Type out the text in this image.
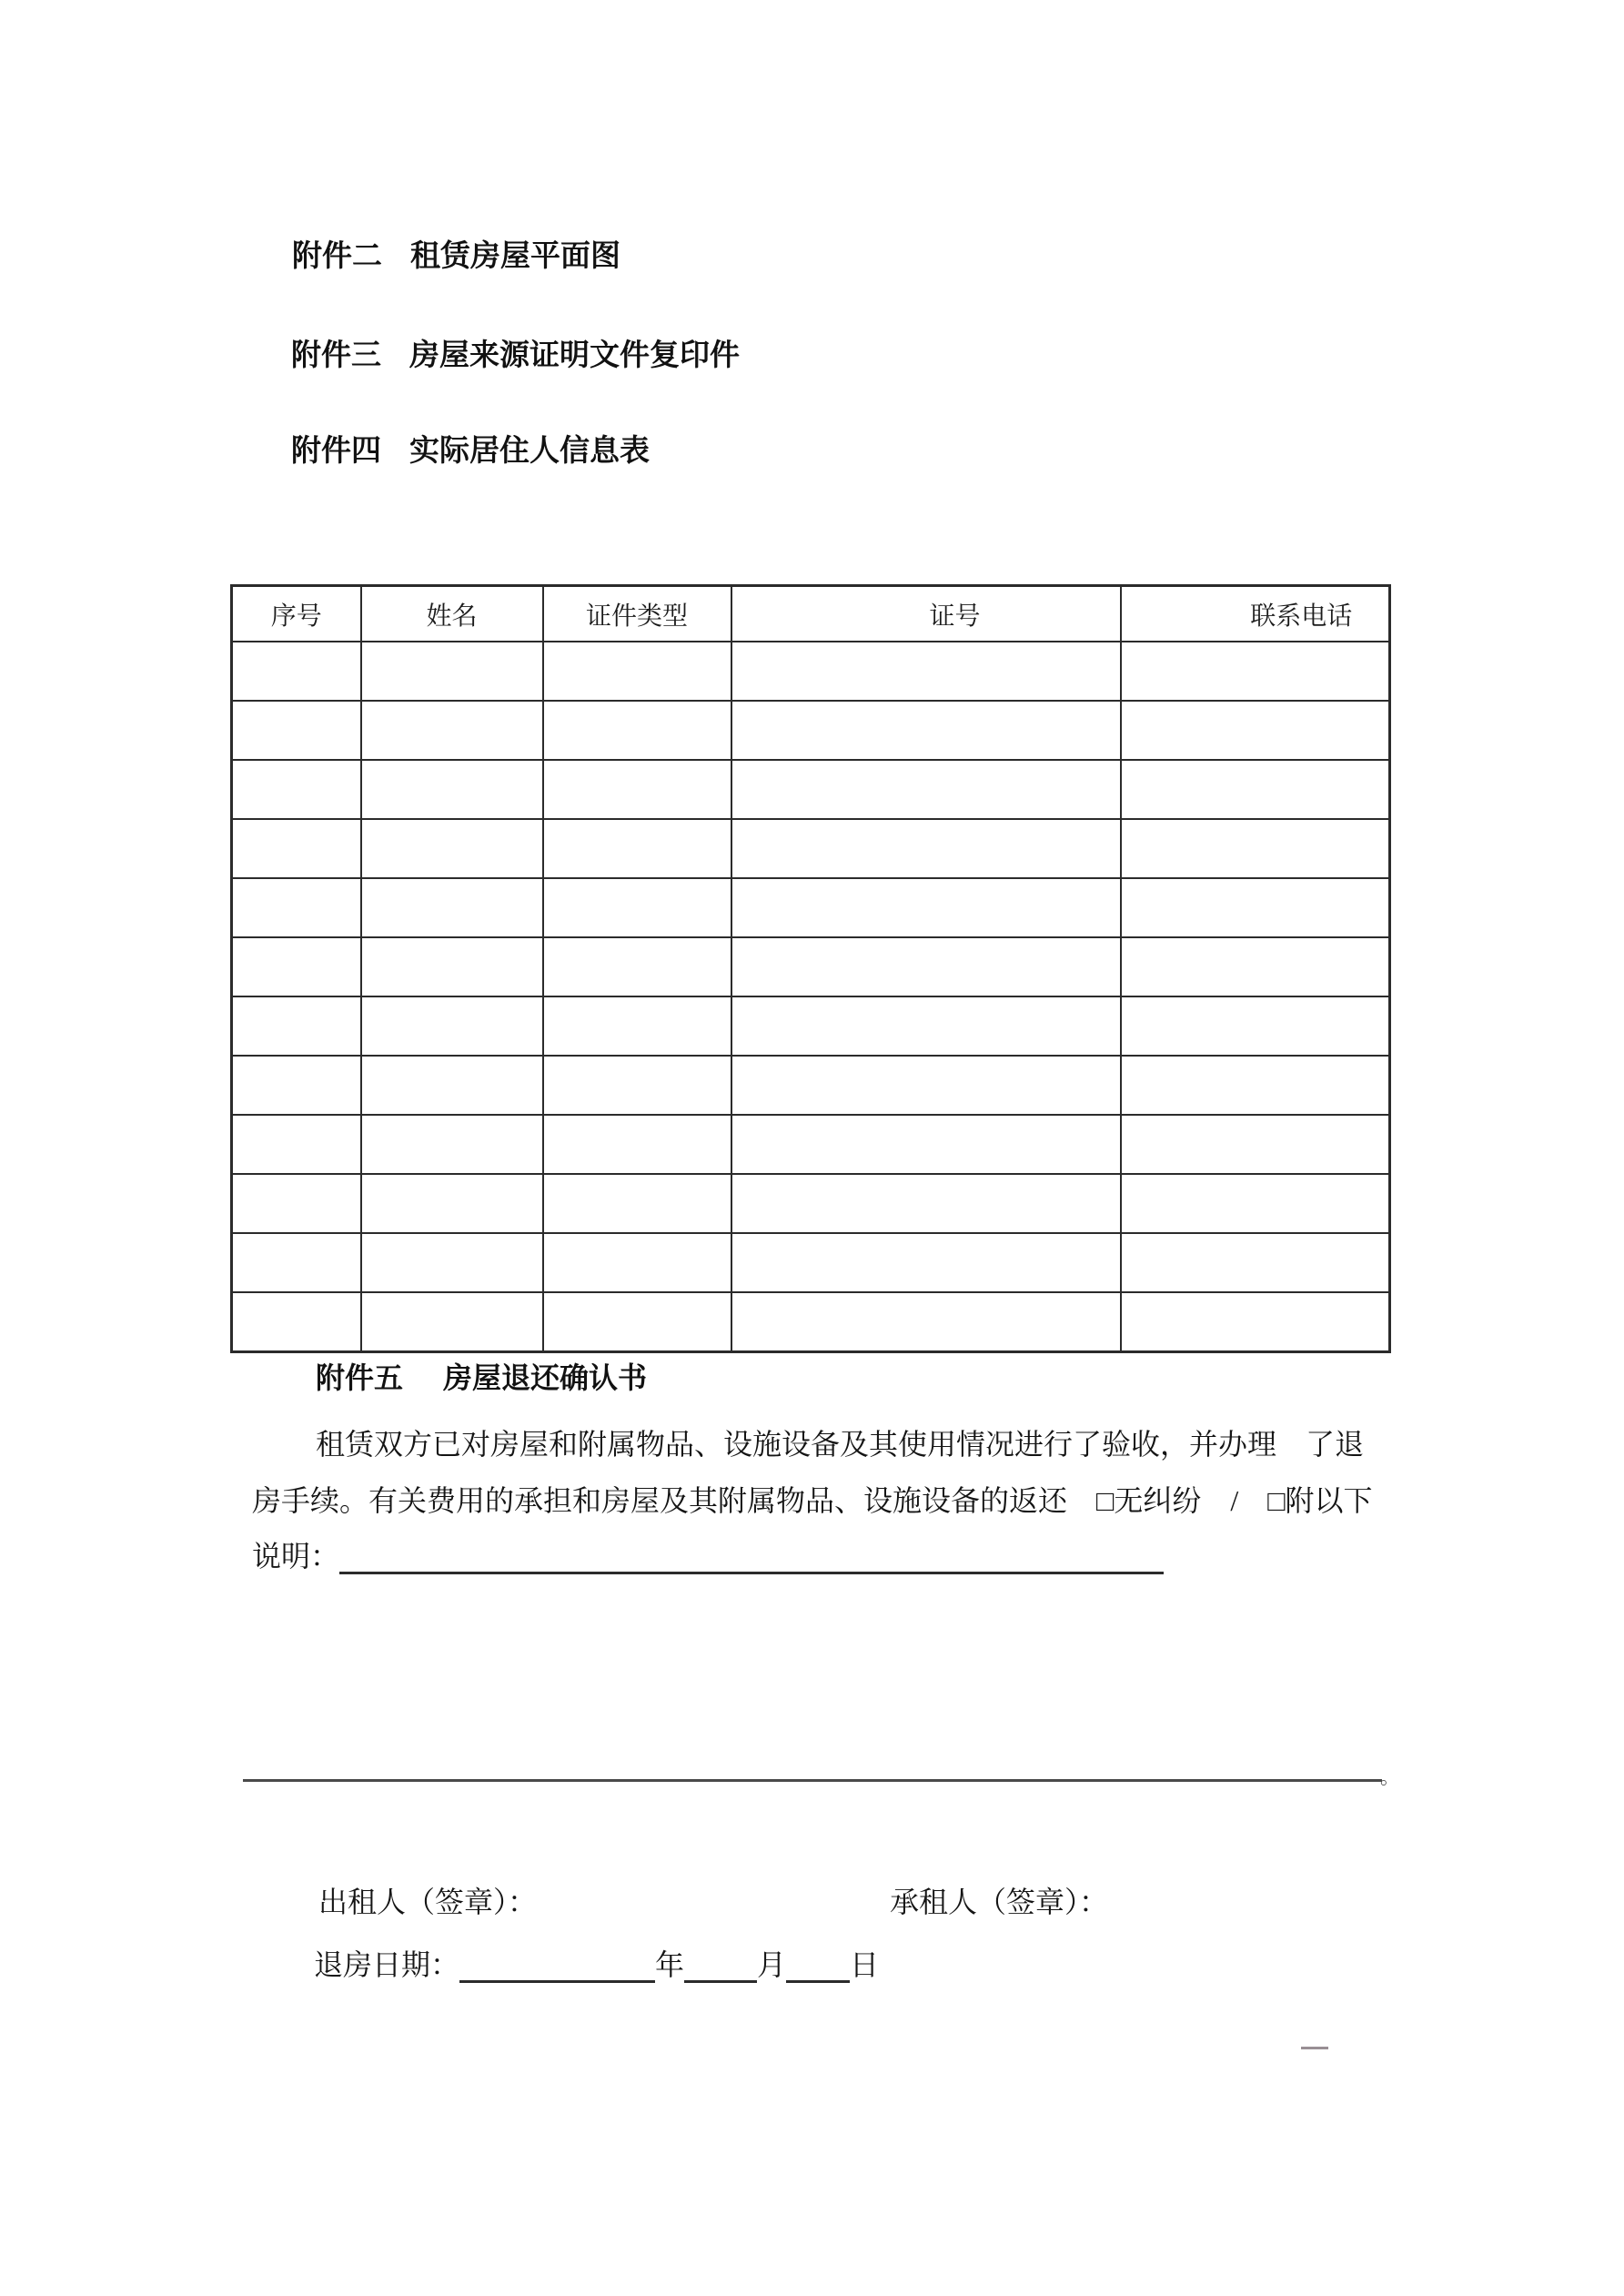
附件二 租赁房屋平面图
附件三 房屋来源证明文件复印件
附件四 实际居住人信息表
序号	姓名	证件类型	证号	联系电话

附件五 房屋退还确认书
租赁双方已对房屋和附属物品、设施设备及其使用情况进行了验收，并办理　了退
房手续。有关费用的承担和房屋及其附属物品、设施设备的返还　□无纠纷　/　□附以下
说明：
。
出租人（签章）：	承租人（签章）：
退房日期：	年	月 日
